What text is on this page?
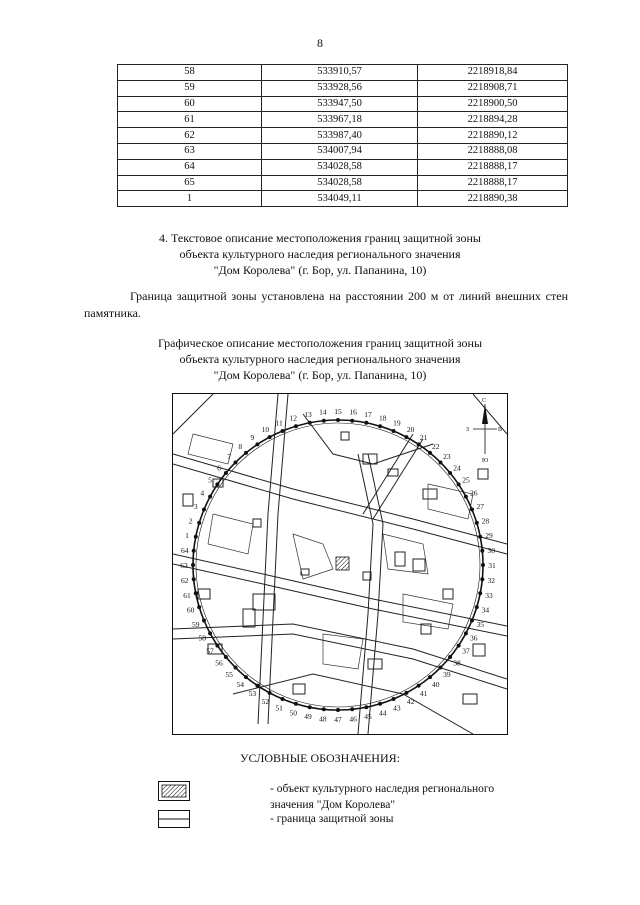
8
58	533910,57	2218918,84
59	533928,56	2218908,71
60	533947,50	2218900,50
61	533967,18	2218894,28
62	533987,40	2218890,12
63	534007,94	2218888,08
64	534028,58	2218888,17
65	534028,58	2218888,17
1	534049,11	2218890,38
4. Текстовое описание местоположения границ защитной зоны
объекта культурного наследия регионального значения
"Дом Королева" (г. Бор, ул. Папанина, 10)
Граница защитной зоны установлена на расстоянии 200 м от линий внешних стен
памятника.
Графическое описание местоположения границ защитной зоны
объекта культурного наследия регионального значения
"Дом Королева" (г. Бор, ул. Папанина, 10)
1
2
3
4
5
6
7
8
9
10
11
12 13 14 15 16 17 18
19
20
21
22
23
24
25
26
27
28
29
30
31
32
33
34
35
36
37
38
39
40
41
42
43
44
45
46
47
48
49
50
51
52
53
54
55
56
57
58
59
60
61
62
63
64
С
Ю
В
З
УСЛОВНЫЕ ОБОЗНАЧЕНИЯ:
- объект культурного наследия регионального
значения "Дом Королева"
- граница защитной зоны
